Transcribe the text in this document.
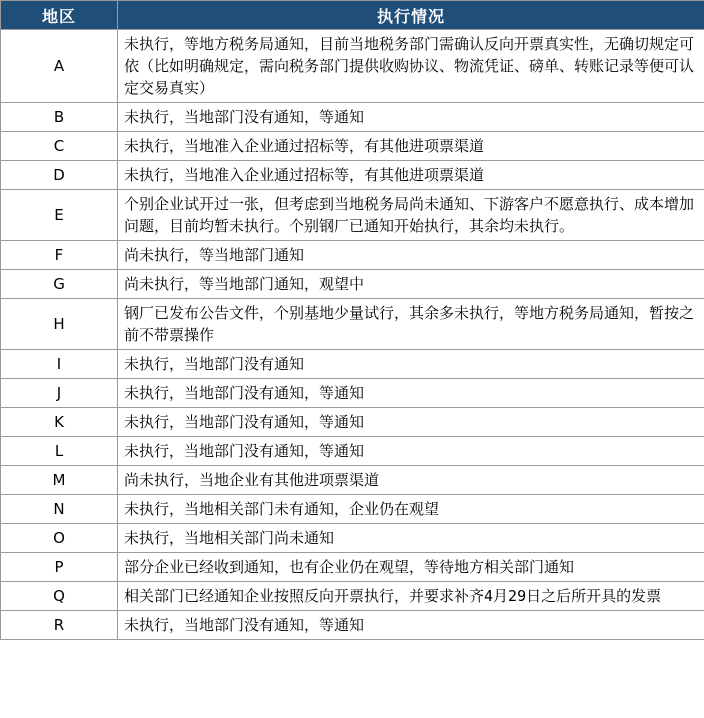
地区	执行情况
A	未执行，等地方税务局通知，目前当地税务部门需确认反向开票真实性，无确切规定可依（比如明确规定，需向税务部门提供收购协议、物流凭证、磅单、转账记录等便可认定交易真实）
B	未执行，当地部门没有通知，等通知
C	未执行，当地准入企业通过招标等，有其他进项票渠道
D	未执行，当地准入企业通过招标等，有其他进项票渠道
E	个别企业试开过一张，但考虑到当地税务局尚未通知、下游客户不愿意执行、成本增加问题，目前均暂未执行。个别钢厂已通知开始执行，其余均未执行。
F	尚未执行，等当地部门通知
G	尚未执行，等当地部门通知，观望中
H	钢厂已发布公告文件，个别基地少量试行，其余多未执行，等地方税务局通知，暂按之前不带票操作
I	未执行，当地部门没有通知
J	未执行，当地部门没有通知，等通知
K	未执行，当地部门没有通知，等通知
L	未执行，当地部门没有通知，等通知
M	尚未执行，当地企业有其他进项票渠道
N	未执行，当地相关部门未有通知，企业仍在观望
O	未执行，当地相关部门尚未通知
P	部分企业已经收到通知，也有企业仍在观望，等待地方相关部门通知
Q	相关部门已经通知企业按照反向开票执行，并要求补齐4月29日之后所开具的发票
R	未执行，当地部门没有通知，等通知
